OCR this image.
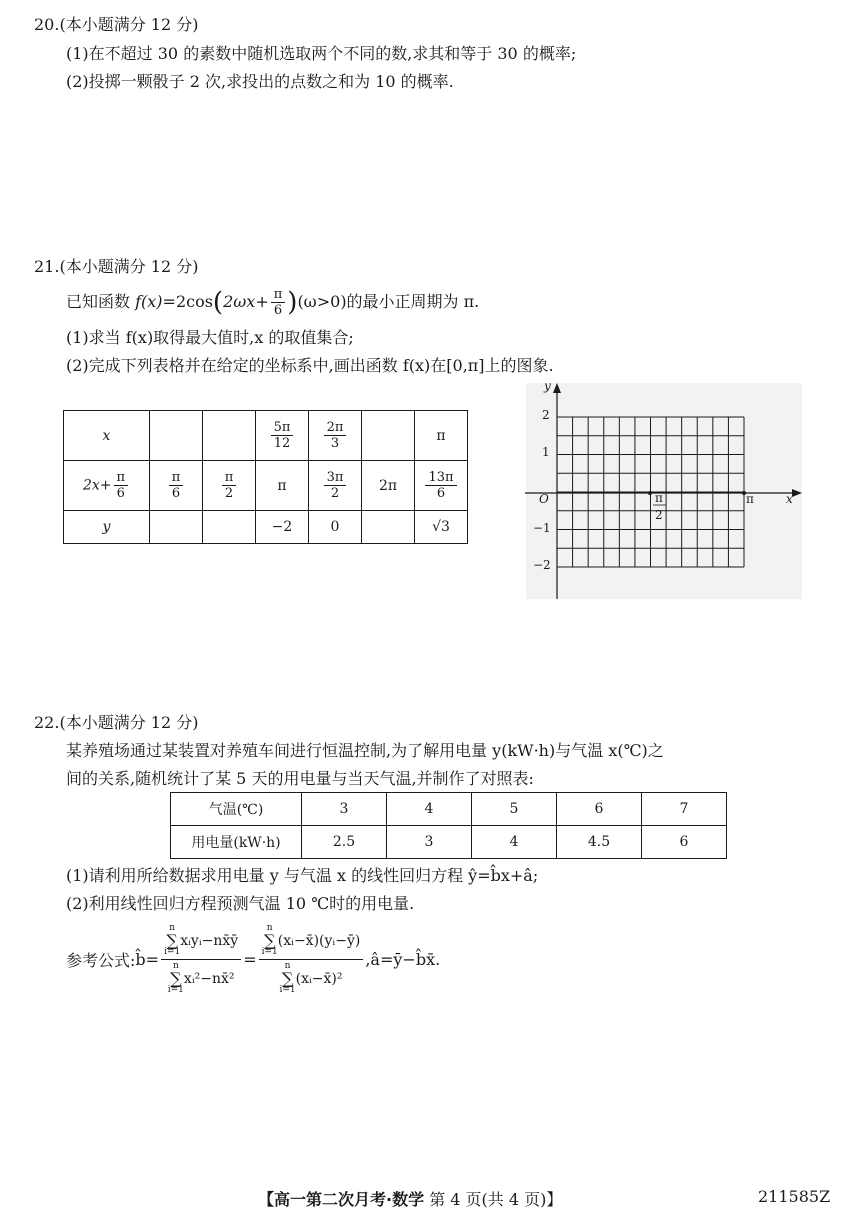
20.(本小题满分 12 分)
(1)在不超过 30 的素数中随机选取两个不同的数,求其和等于 30 的概率;
(2)投掷一颗骰子 2 次,求投出的点数之和为 10 的概率.
21.(本小题满分 12 分)
已知函数 $f(x)=2\cos(2\omega x+ \frac{\pi}{6} )(\omega>0)$的最小正周期为 π.
(1)求当 f(x)取得最大值时,x 的取值集合;
(2)完成下列表格并在给定的坐标系中,画出函数 f(x)在[0,π]上的图象.
x			$\frac{5\pi}{12}$	$\frac{2\pi}{3}$		π
$2x+ \frac{\pi}{6}$	$\frac{\pi}{6}$	$\frac{\pi}{2}$	π	$\frac{3\pi}{2}$	2π	$\frac{13\pi}{6}$

y			−2	0		√3
y
x
O
2
1
−1
−2
π
2
π
22.(本小题满分 12 分)
某养殖场通过某装置对养殖车间进行恒温控制,为了解用电量 y(kW·h)与气温 x(℃)之
间的关系,随机统计了某 5 天的用电量与当天气温,并制作了对照表:
气温(℃)	3	4	5	6	7
用电量(kW·h)	2.5	3	4	4.5	6
(1)请利用所给数据求用电量 y 与气温 x 的线性回归方程 ŷ=b̂x+â;
(2)利用线性回归方程预测气温 10 ℃时的用电量.
参考公式: b̂= n
∑
i=1
xᵢyᵢ−nx̄ȳ
n
∑
i=1
xᵢ²−nx̄² = n
∑
i=1
(xᵢ−x̄)(yᵢ−ȳ)
n
∑
i=1
(xᵢ−x̄)² ,â=ȳ−b̂x̄.
【高一第二次月考·数学 第 4 页(共 4 页)】	211585Z
